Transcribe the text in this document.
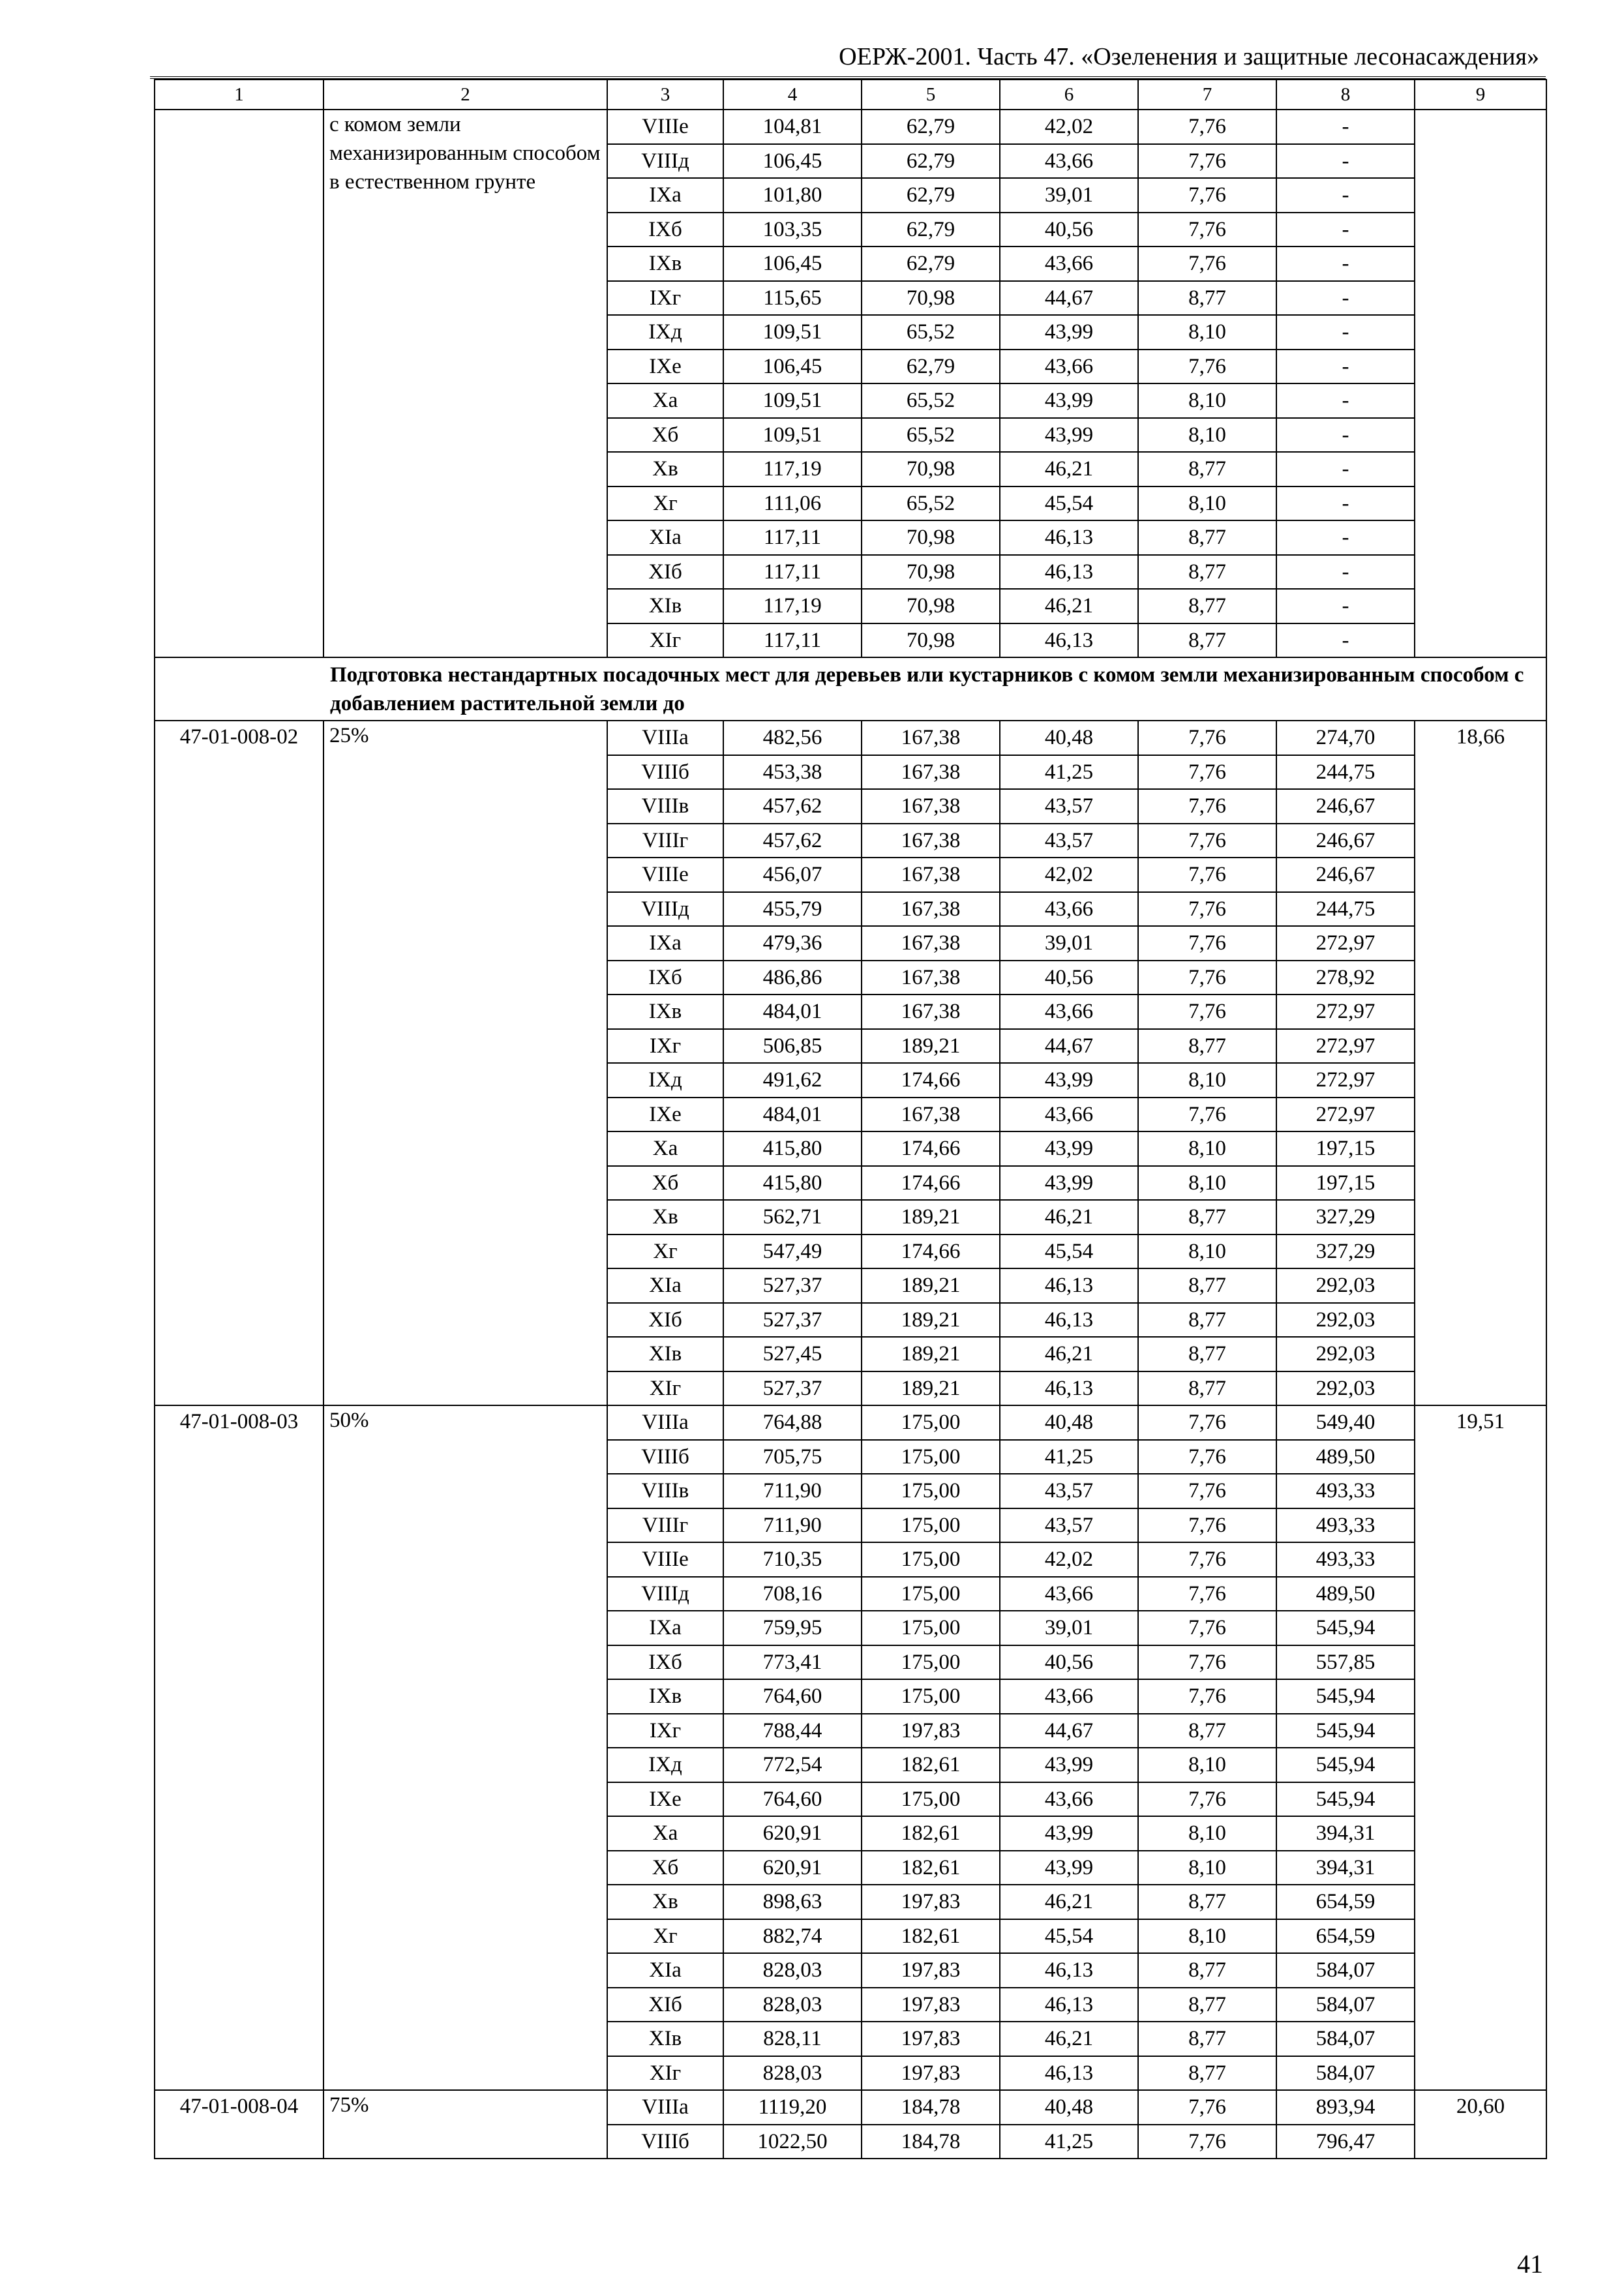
ОЕРЖ-2001. Часть 47. «Озеленения и защитные лесонасаждения»
1	2	3	4	5	6	7	8	9
	с комом земли механизированным способом в естественном грунте	VIIIе	104,81	62,79	42,02	7,76	-	
		VIIIд	106,45	62,79	43,66	7,76	-	
		IXа	101,80	62,79	39,01	7,76	-	
		IXб	103,35	62,79	40,56	7,76	-	
		IXв	106,45	62,79	43,66	7,76	-	
		IXг	115,65	70,98	44,67	8,77	-	
		IXд	109,51	65,52	43,99	8,10	-	
		IXе	106,45	62,79	43,66	7,76	-	
		Xа	109,51	65,52	43,99	8,10	-	
		Xб	109,51	65,52	43,99	8,10	-	
		Xв	117,19	70,98	46,21	8,77	-	
		Xг	111,06	65,52	45,54	8,10	-	
		XIа	117,11	70,98	46,13	8,77	-	
		XIб	117,11	70,98	46,13	8,77	-	
		XIв	117,19	70,98	46,21	8,77	-	
		XIг	117,11	70,98	46,13	8,77	-	
Подготовка нестандартных посадочных мест для деревьев или кустарников с комом земли механизированным способом с добавлением растительной земли до								
47-01-008-02	25%	VIIIа	482,56	167,38	40,48	7,76	274,70	18,66
		VIIIб	453,38	167,38	41,25	7,76	244,75	
		VIIIв	457,62	167,38	43,57	7,76	246,67	
		VIIIг	457,62	167,38	43,57	7,76	246,67	
		VIIIе	456,07	167,38	42,02	7,76	246,67	
		VIIIд	455,79	167,38	43,66	7,76	244,75	
		IXа	479,36	167,38	39,01	7,76	272,97	
		IXб	486,86	167,38	40,56	7,76	278,92	
		IXв	484,01	167,38	43,66	7,76	272,97	
		IXг	506,85	189,21	44,67	8,77	272,97	
		IXд	491,62	174,66	43,99	8,10	272,97	
		IXе	484,01	167,38	43,66	7,76	272,97	
		Xа	415,80	174,66	43,99	8,10	197,15	
		Xб	415,80	174,66	43,99	8,10	197,15	
		Xв	562,71	189,21	46,21	8,77	327,29	
		Xг	547,49	174,66	45,54	8,10	327,29	
		XIа	527,37	189,21	46,13	8,77	292,03	
		XIб	527,37	189,21	46,13	8,77	292,03	
		XIв	527,45	189,21	46,21	8,77	292,03	
		XIг	527,37	189,21	46,13	8,77	292,03	
47-01-008-03	50%	VIIIа	764,88	175,00	40,48	7,76	549,40	19,51
		VIIIб	705,75	175,00	41,25	7,76	489,50	
		VIIIв	711,90	175,00	43,57	7,76	493,33	
		VIIIг	711,90	175,00	43,57	7,76	493,33	
		VIIIе	710,35	175,00	42,02	7,76	493,33	
		VIIIд	708,16	175,00	43,66	7,76	489,50	
		IXа	759,95	175,00	39,01	7,76	545,94	
		IXб	773,41	175,00	40,56	7,76	557,85	
		IXв	764,60	175,00	43,66	7,76	545,94	
		IXг	788,44	197,83	44,67	8,77	545,94	
		IXд	772,54	182,61	43,99	8,10	545,94	
		IXе	764,60	175,00	43,66	7,76	545,94	
		Xа	620,91	182,61	43,99	8,10	394,31	
		Xб	620,91	182,61	43,99	8,10	394,31	
		Xв	898,63	197,83	46,21	8,77	654,59	
		Xг	882,74	182,61	45,54	8,10	654,59	
		XIа	828,03	197,83	46,13	8,77	584,07	
		XIб	828,03	197,83	46,13	8,77	584,07	
		XIв	828,11	197,83	46,21	8,77	584,07	
		XIг	828,03	197,83	46,13	8,77	584,07	
47-01-008-04	75%	VIIIа	1119,20	184,78	40,48	7,76	893,94	20,60
		VIIIб	1022,50	184,78	41,25	7,76	796,47	
41
